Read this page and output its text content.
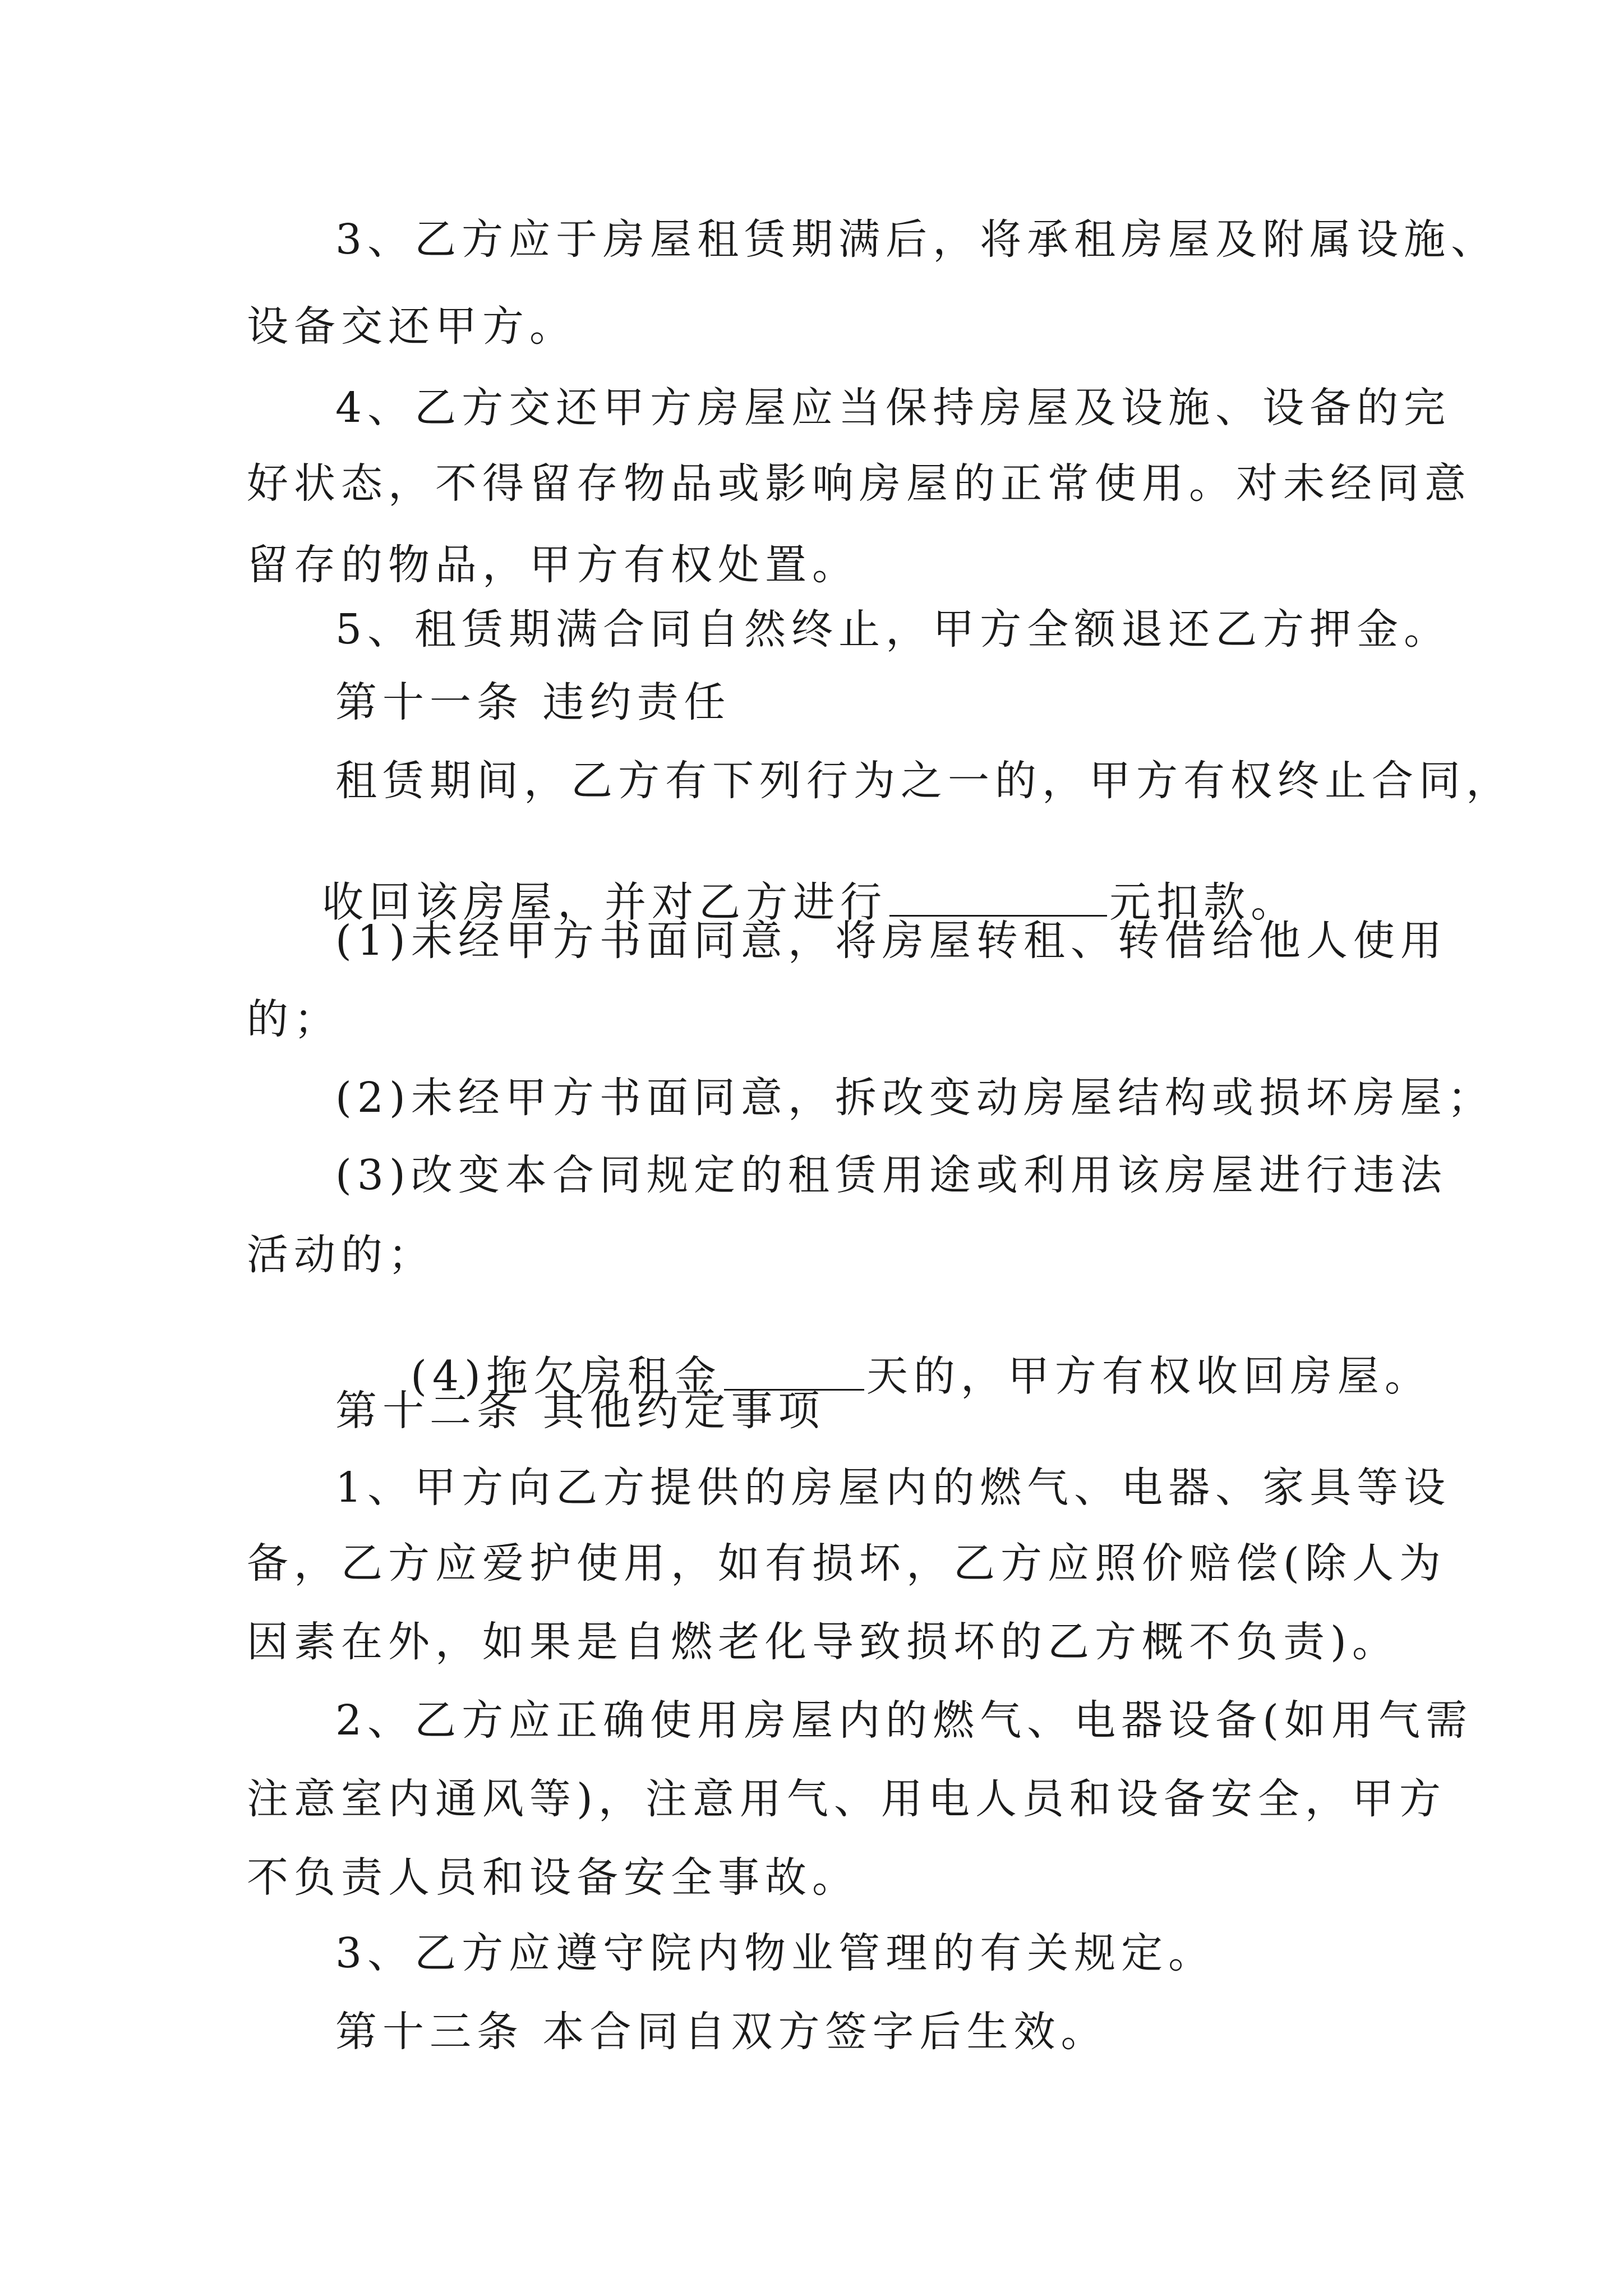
3、乙方应于房屋租赁期满后，将承租房屋及附属设施、
设备交还甲方。
4、乙方交还甲方房屋应当保持房屋及设施、设备的完
好状态，不得留存物品或影响房屋的正常使用。对未经同意
留存的物品，甲方有权处置。
5、租赁期满合同自然终止，甲方全额退还乙方押金。
第十一条 违约责任
租赁期间，乙方有下列行为之一的，甲方有权终止合同，

收回该房屋，并对乙方进行	元扣款。

(1)未经甲方书面同意，将房屋转租、转借给他人使用
的；
(2)未经甲方书面同意，拆改变动房屋结构或损坏房屋；
(3)改变本合同规定的租赁用途或利用该房屋进行违法
活动的；

(4)拖欠房租金	天的，甲方有权收回房屋。

第十二条 其他约定事项
1、甲方向乙方提供的房屋内的燃气、电器、家具等设
备，乙方应爱护使用，如有损坏，乙方应照价赔偿(除人为
因素在外，如果是自燃老化导致损坏的乙方概不负责)。
2、乙方应正确使用房屋内的燃气、电器设备(如用气需
注意室内通风等)，注意用气、用电人员和设备安全，甲方
不负责人员和设备安全事故。
3、乙方应遵守院内物业管理的有关规定。
第十三条 本合同自双方签字后生效。
